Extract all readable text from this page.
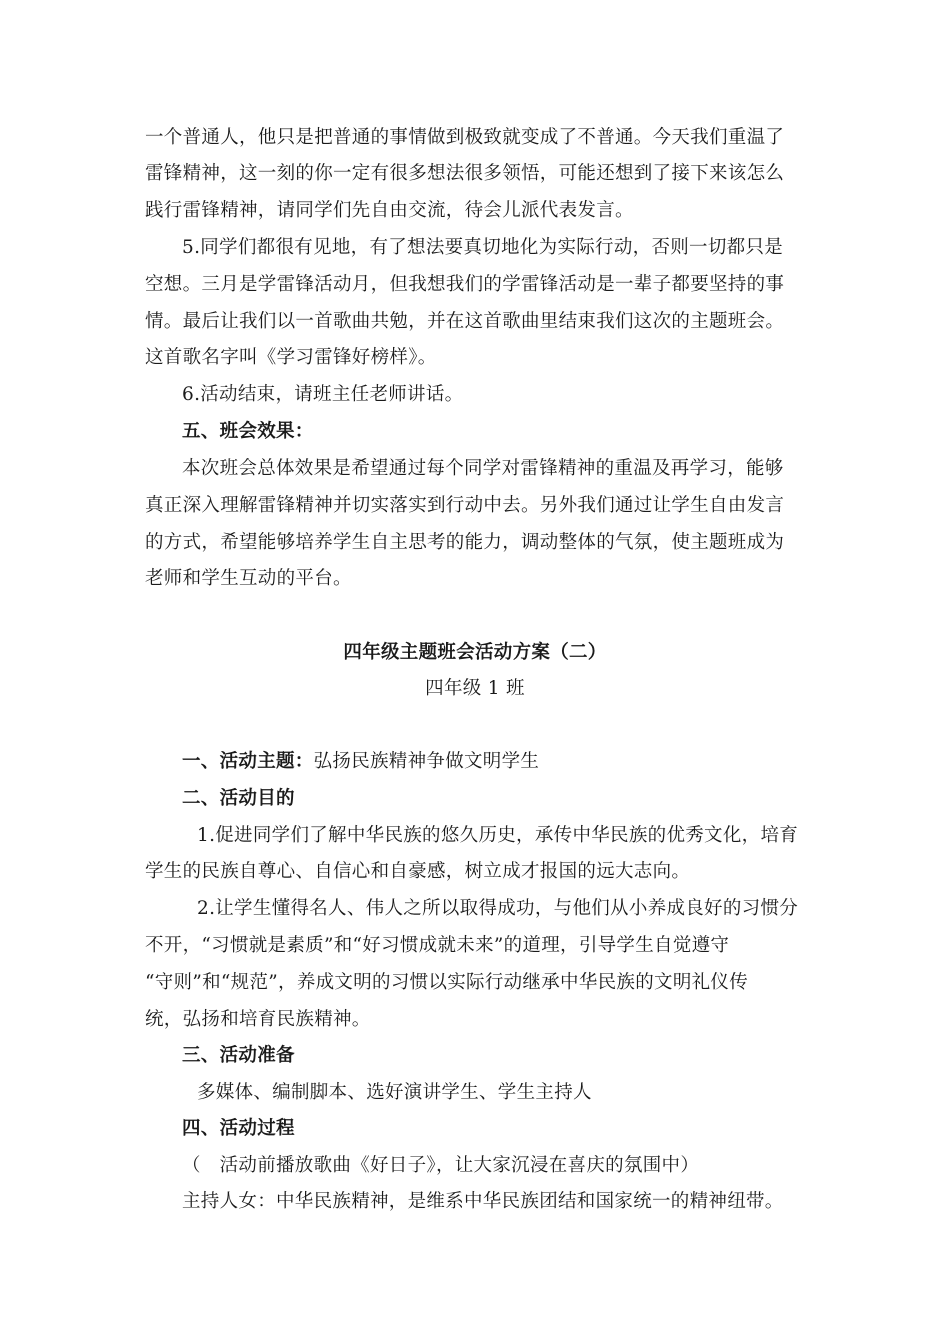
一个普通人，他只是把普通的事情做到极致就变成了不普通。今天我们重温了
雷锋精神，这一刻的你一定有很多想法很多领悟，可能还想到了接下来该怎么
践行雷锋精神，请同学们先自由交流，待会儿派代表发言。
5.同学们都很有见地，有了想法要真切地化为实际行动，否则一切都只是
空想。三月是学雷锋活动月，但我想我们的学雷锋活动是一辈子都要坚持的事
情。最后让我们以一首歌曲共勉，并在这首歌曲里结束我们这次的主题班会。
这首歌名字叫《学习雷锋好榜样》。
6.活动结束，请班主任老师讲话。
五、班会效果：
本次班会总体效果是希望通过每个同学对雷锋精神的重温及再学习，能够
真正深入理解雷锋精神并切实落实到行动中去。另外我们通过让学生自由发言
的方式，希望能够培养学生自主思考的能力，调动整体的气氛，使主题班成为
老师和学生互动的平台。
四年级主题班会活动方案（二）
四年级 1 班
一、活动主题：弘扬民族精神争做文明学生
二、活动目的
1.促进同学们了解中华民族的悠久历史，承传中华民族的优秀文化，培育
学生的民族自尊心、自信心和自豪感，树立成才报国的远大志向。
2.让学生懂得名人、伟人之所以取得成功，与他们从小养成良好的习惯分
不开，“习惯就是素质”和“好习惯成就未来”的道理，引导学生自觉遵守
“守则”和“规范”，养成文明的习惯以实际行动继承中华民族的文明礼仪传
统，弘扬和培育民族精神。
三、活动准备
多媒体、编制脚本、选好演讲学生、学生主持人
四、活动过程
（　活动前播放歌曲《好日子》，让大家沉浸在喜庆的氛围中）
主持人女：中华民族精神，是维系中华民族团结和国家统一的精神纽带。
